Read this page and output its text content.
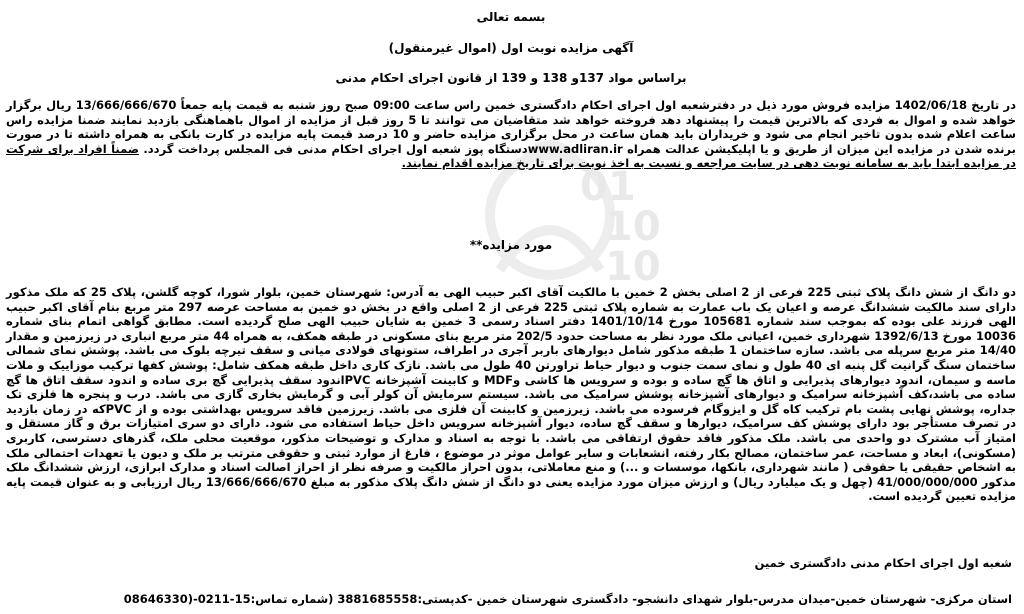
01
10
10
بسمه تعالی
آگهی مزایده نوبت اول (اموال غیرمنقول)
براساس مواد 137و 138 و 139 از قانون اجرای احکام مدنی
در تاریخ 1402/06/18 مزایده فروش مورد ذیل در دفترشعبه اول اجرای احکام دادگستری خمین راس ساعت 09:00 صبح روز شنبه به قیمت پایه جمعاً 13/666/666/670 ریال برگزار خواهد شده و اموال به فردی که بالاترین قیمت را پیشنهاد دهد فروخته خواهد شد متقاضیان می توانند تا 5 روز قبل از مزایده از اموال باهماهنگی بازدید نمایند ضمنا مزایده راس ساعت اعلام شده بدون تاخیر انجام می شود و خریداران باید همان ساعت در محل برگزاری مزایده حاضر و 10 درصد قیمت پایه مزایده در کارت بانکی به همراه داشته تا در صورت برنده شدن در مزایده این میزان از طریق و یا اپلیکیشن عدالت همراه www.adliran.irدستگاه پوز شعبه اول اجرای احکام مدنی فی المجلس پرداخت گردد. ضمناً افراد برای شرکت در مزایده ابتدا باید به سامانه نوبت دهی در سایت مراجعه و نسبت به اخذ نوبت برای تاریخ مزایده اقدام نمایند.
مورد مزایده**
دو دانگ از شش دانگ پلاک ثبتی 225 فرعی از 2 اصلی بخش 2 خمین با مالکیت آقای اکبر حبیب الهی به آدرس: شهرستان خمین، بلوار شورا، کوچه گلشن، پلاک 25 که ملک مذکور دارای سند مالکیت ششدانگ عرصه و اعیان یک باب عمارت به شماره پلاک ثبتی 225 فرعی از 2 اصلی واقع در بخش دو خمین به مساحت عرصه 297 متر مربع بنام آقای اکبر حبیب الهی فرزند علی بوده که بموجب سند شماره 105681 مورخ 1401/10/14 دفتر اسناد رسمی 3 خمین به شایان حبیب الهی صلح گردیده است. مطابق گواهی اتمام بنای شماره 10036 مورخ 1392/6/13 شهرداری خمین، اعیانی ملک مورد نظر به مساحت حدود 202/5 متر مربع بنای مسکونی در طبقه همکف، به همراه 44 متر مربع انباری در زیرزمین و مقدار 14/40 متر مربع سرپله می باشد. سازه ساختمان 1 طبقه مذکور شامل دیوارهای باربر آجری در اطراف، ستونهای فولادی میانی و سقف تیرچه بلوک می باشد. پوشش نمای شمالی ساختمان سنگ گرانیت گل پنبه ای 40 طول و نمای سمت جنوب و دیوار حیاط تراورتن 40 طول می باشد. نازک کاری داخل طبقه همکف شامل: پوشش کفها ترکیب موزاییک و ملات ماسه و سیمان، اندود دیوارهای پذیرایی و اتاق ها گچ ساده و بوده و سرویس ها کاشی وMDF و کابینت آشپزخانه PVCاندود سقف پذیرایی گچ بری ساده و اندود سقف اتاق ها گچ ساده می باشد،کف آشپزخانه سرامیک و دیوارهای آشپزخانه پوشش سرامیک می باشد. سیستم سرمایش آن کولر آبی و گرمایش بخاری گازی می باشد. درب و پنجره ها فلزی تک جداره، پوشش نهایی پشت بام ترکیب کاه گل و ایزوگام فرسوده می باشد. زیرزمین و کابینت آن فلزی می باشد. زیرزمین فاقد سرویس بهداشتی بوده و از PVCکه در زمان بازدید در تصرف مستأجر بود دارای پوشش کف سرامیک، دیوارها و سقف گچ ساده، دیوار آشپزخانه سرویس داخل حیاط استفاده می شود. دارای دو سری امتیازات برق و گاز مستقل و امتیاز آب مشترک دو واحدی می باشد. ملک مذکور فاقد حقوق ارتفاقی می باشد. با توجه به اسناد و مدارک و توضیحات مذکور، موقعیت محلی ملک، گذرهای دسترسی، کاربری (مسکونی)، ابعاد و مساحت، عمر ساختمان، مصالح بکار رفته، انشعابات و سایر عوامل موثر در موضوع ، فارغ از موارد ثبتی و حقوقی مترتب بر ملک و دیون یا تعهدات احتمالی ملک به اشخاص حقیقی یا حقوقی ( مانند شهرداری، بانکها، موسسات و ...) و منع معاملاتی، بدون احراز مالکیت و صرفه نظر از احراز اصالت اسناد و مدارک ابرازی، ارزش ششدانگ ملک مذکور 41/000/000/000 (چهل و یک میلیارد ریال) و ارزش میزان مورد مزایده یعنی دو دانگ از شش دانگ پلاک مذکور به مبلغ 13/666/666/670 ریال ارزیابی و به عنوان قیمت پایه مزایده تعیین گردیده است.
شعبه اول اجرای احکام مدنی دادگستری خمین
استان مرکزی- شهرستان خمین-میدان مدرس-بلوار شهدای دانشجو- دادگستری شهرستان خمین -کدپستی:3881685558 (شماره تماس:15-0211-(08646330
